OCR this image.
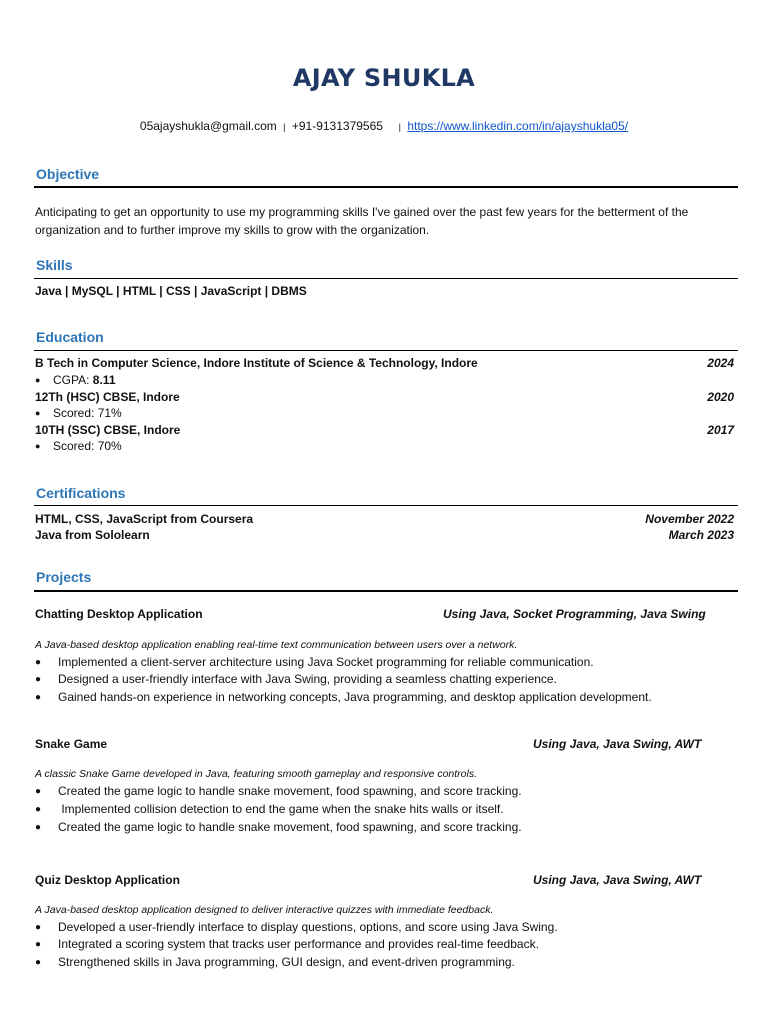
AJAY SHUKLA
05ajayshukla@gmail.com | +91-9131379565 | https://www.linkedin.com/in/ajayshukla05/
Objective
Anticipating to get an opportunity to use my programming skills I've gained over the past few years for the betterment of the
organization and to further improve my skills to grow with the organization.
Skills
Java | MySQL | HTML | CSS | JavaScript | DBMS
Education
B Tech in Computer Science, Indore Institute of Science & Technology, Indore	2024
● CGPA: 8.11
12Th (HSC) CBSE, Indore	2020
● Scored: 71%
10TH (SSC) CBSE, Indore	2017
● Scored: 70%
Certifications
HTML, CSS, JavaScript from Coursera	November 2022
Java from Sololearn	March 2023
Projects
Chatting Desktop Application	Using Java, Socket Programming, Java Swing
A Java-based desktop application enabling real-time text communication between users over a network.
● Implemented a client-server architecture using Java Socket programming for reliable communication.
● Designed a user-friendly interface with Java Swing, providing a seamless chatting experience.
● Gained hands-on experience in networking concepts, Java programming, and desktop application development.
Snake Game	Using Java, Java Swing, AWT
A classic Snake Game developed in Java, featuring smooth gameplay and responsive controls.
● Created the game logic to handle snake movement, food spawning, and score tracking.
● Implemented collision detection to end the game when the snake hits walls or itself.
● Created the game logic to handle snake movement, food spawning, and score tracking.
Quiz Desktop Application	Using Java, Java Swing, AWT
A Java-based desktop application designed to deliver interactive quizzes with immediate feedback.
● Developed a user-friendly interface to display questions, options, and score using Java Swing.
● Integrated a scoring system that tracks user performance and provides real-time feedback.
● Strengthened skills in Java programming, GUI design, and event-driven programming.
